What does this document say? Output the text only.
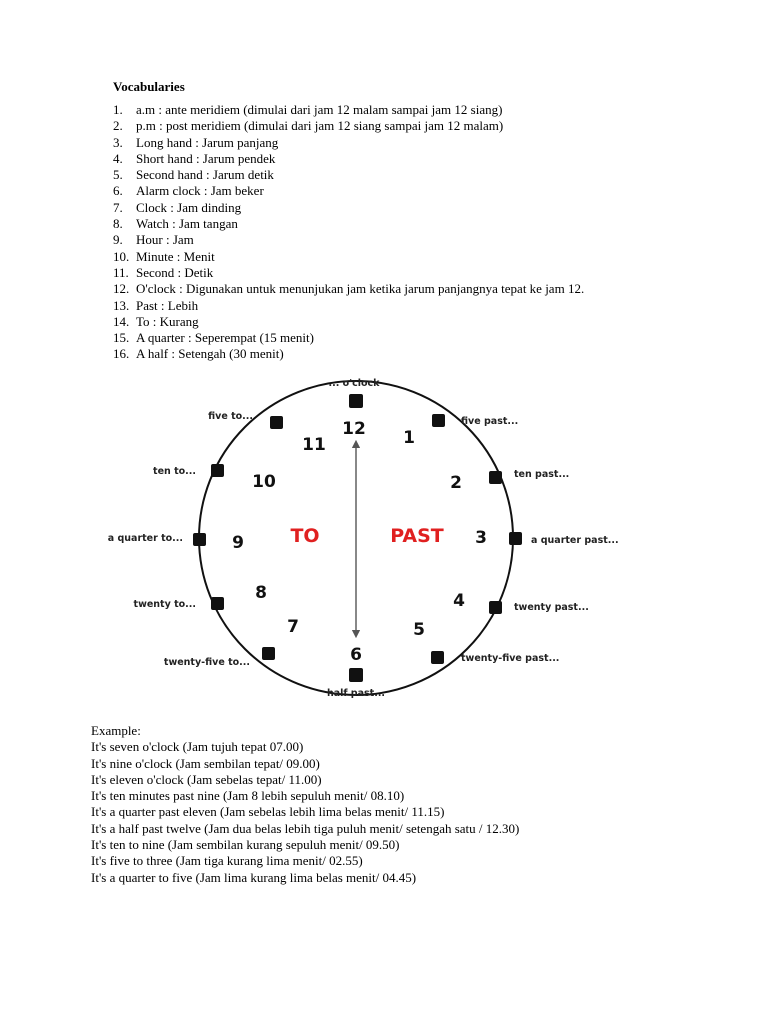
Vocabularies
1. a.m : ante meridiem (dimulai dari jam 12 malam sampai jam 12 siang)
2. p.m : post meridiem (dimulai dari jam 12 siang sampai jam 12 malam)
3. Long hand : Jarum panjang
4. Short hand : Jarum pendek
5. Second hand : Jarum detik
6. Alarm clock : Jam beker
7. Clock : Jam dinding
8. Watch : Jam tangan
9. Hour : Jam
10. Minute : Menit
11. Second : Detik
12. O'clock : Digunakan untuk menunjukan jam ketika jarum panjangnya tepat ke jam 12.
13. Past : Lebih
14. To : Kurang
15. A quarter : Seperempat (15 menit)
16. A half : Setengah (30 menit)
12 1
2
3
4
5
6
7
8
9
10
11
TO	PAST
... o'clock
five past...
ten past...
a quarter past...
twenty past...
twenty-five past...
half past...
twenty-five to...
twenty to...
a quarter to...
ten to...
five to...
Example:
It's seven o'clock (Jam tujuh tepat 07.00)
It's nine o'clock (Jam sembilan tepat/ 09.00)
It's eleven o'clock (Jam sebelas tepat/ 11.00)
It's ten minutes past nine (Jam 8 lebih sepuluh menit/ 08.10)
It's a quarter past eleven (Jam sebelas lebih lima belas menit/ 11.15)
It's a half past twelve (Jam dua belas lebih tiga puluh menit/ setengah satu / 12.30)
It's ten to nine (Jam sembilan kurang sepuluh menit/ 09.50)
It's five to three (Jam tiga kurang lima menit/ 02.55)
It's a quarter to five (Jam lima kurang lima belas menit/ 04.45)
